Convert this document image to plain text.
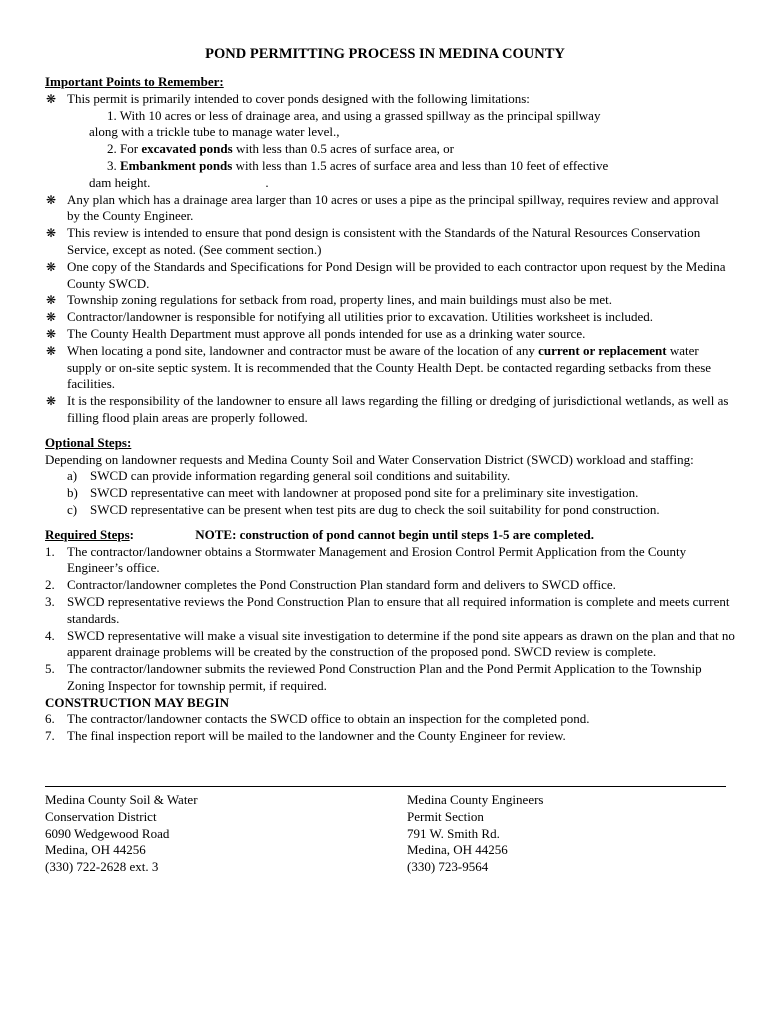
POND PERMITTING PROCESS IN MEDINA COUNTY
Important Points to Remember:
❋ This permit is primarily intended to cover ponds designed with the following limitations:
1. With 10 acres or less of drainage area, and using a grassed spillway as the principal spillway
along with a trickle tube to manage water level.,
2. For excavated ponds with less than 0.5 acres of surface area, or
3. Embankment ponds with less than 1.5 acres of surface area and less than 10 feet of effective
dam height.	.
❋ Any plan which has a drainage area larger than 10 acres or uses a pipe as the principal spillway, requires review and approval by the County Engineer.
❋ This review is intended to ensure that pond design is consistent with the Standards of the Natural Resources Conservation Service, except as noted. (See comment section.)
❋ One copy of the Standards and Specifications for Pond Design will be provided to each contractor upon request by the Medina County SWCD.
❋ Township zoning regulations for setback from road, property lines, and main buildings must also be met.
❋ Contractor/landowner is responsible for notifying all utilities prior to excavation. Utilities worksheet is included.
❋ The County Health Department must approve all ponds intended for use as a drinking water source.
❋ When locating a pond site, landowner and contractor must be aware of the location of any current or replacement water supply or on-site septic system. It is recommended that the County Health Dept. be contacted regarding setbacks from these facilities.
❋ It is the responsibility of the landowner to ensure all laws regarding the filling or dredging of jurisdictional wetlands, as well as filling flood plain areas are properly followed.
Optional Steps:
Depending on landowner requests and Medina County Soil and Water Conservation District (SWCD) workload and staffing:
a) SWCD can provide information regarding general soil conditions and suitability.
b) SWCD representative can meet with landowner at proposed pond site for a preliminary site investigation.
c) SWCD representative can be present when test pits are dug to check the soil suitability for pond construction.
Required Steps:	NOTE: construction of pond cannot begin until steps 1-5 are completed.
1. The contractor/landowner obtains a Stormwater Management and Erosion Control Permit Application from the County Engineer’s office.
2. Contractor/landowner completes the Pond Construction Plan standard form and delivers to SWCD office.
3. SWCD representative reviews the Pond Construction Plan to ensure that all required information is complete and meets current standards.
4. SWCD representative will make a visual site investigation to determine if the pond site appears as drawn on the plan and that no apparent drainage problems will be created by the construction of the proposed pond. SWCD review is complete.
5. The contractor/landowner submits the reviewed Pond Construction Plan and the Pond Permit Application to the Township Zoning Inspector for township permit, if required.
CONSTRUCTION MAY BEGIN
6. The contractor/landowner contacts the SWCD office to obtain an inspection for the completed pond.
7. The final inspection report will be mailed to the landowner and the County Engineer for review.
Medina County Soil & Water
Conservation District
6090 Wedgewood Road
Medina, OH 44256
(330) 722-2628 ext. 3
Medina County Engineers
Permit Section
791 W. Smith Rd.
Medina, OH 44256
(330) 723-9564
